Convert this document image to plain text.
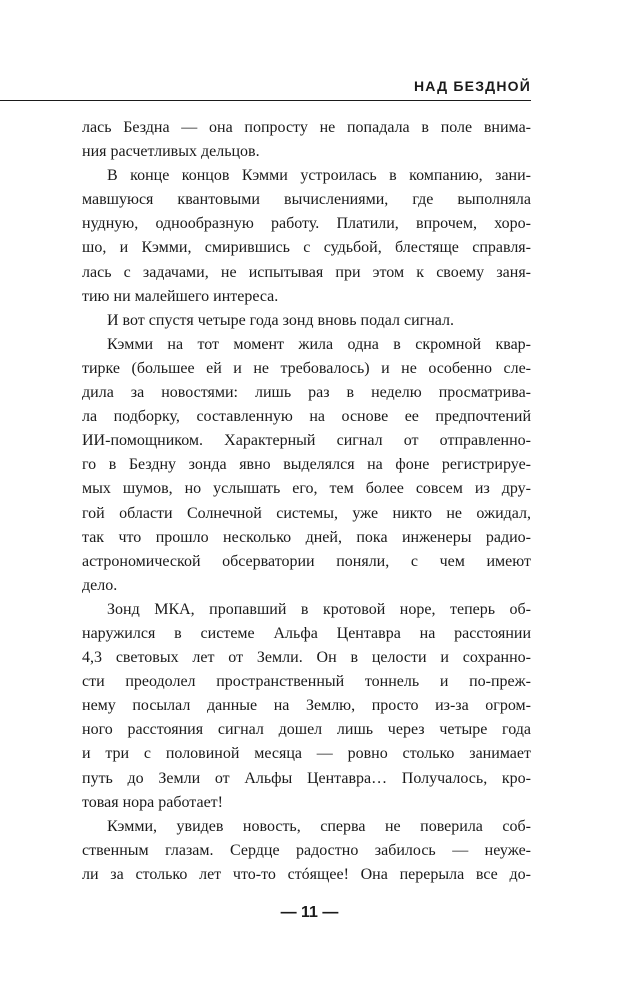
НАД БЕЗДНОЙ
лась Бездна — она попросту не попадала в поле внима-
ния расчетливых дельцов.
В конце концов Кэмми устроилась в компанию, зани-
мавшуюся квантовыми вычислениями, где выполняла
нудную, однообразную работу. Платили, впрочем, хоро-
шо, и Кэмми, смирившись с судьбой, блестяще справля-
лась с задачами, не испытывая при этом к своему заня-
тию ни малейшего интереса.
И вот спустя четыре года зонд вновь подал сигнал.
Кэмми на тот момент жила одна в скромной квар-
тирке (большее ей и не требовалось) и не особенно сле-
дила за новостями: лишь раз в неделю просматрива-
ла подборку, составленную на основе ее предпочтений
ИИ-помощником. Характерный сигнал от отправленно-
го в Бездну зонда явно выделялся на фоне регистрируе-
мых шумов, но услышать его, тем более совсем из дру-
гой области Солнечной системы, уже никто не ожидал,
так что прошло несколько дней, пока инженеры радио-
астрономической обсерватории поняли, с чем имеют
дело.
Зонд МКА, пропавший в кротовой норе, теперь об-
наружился в системе Альфа Центавра на расстоянии
4,3 световых лет от Земли. Он в целости и сохранно-
сти преодолел пространственный тоннель и по-преж-
нему посылал данные на Землю, просто из-за огром-
ного расстояния сигнал дошел лишь через четыре года
и три с половиной месяца — ровно столько занимает
путь до Земли от Альфы Центавра… Получалось, кро-
товая нора работает!
Кэмми, увидев новость, сперва не поверила соб-
ственным глазам. Сердце радостно забилось — неуже-
ли за столько лет что-то стóящее! Она перерыла все до-
— 11 —
